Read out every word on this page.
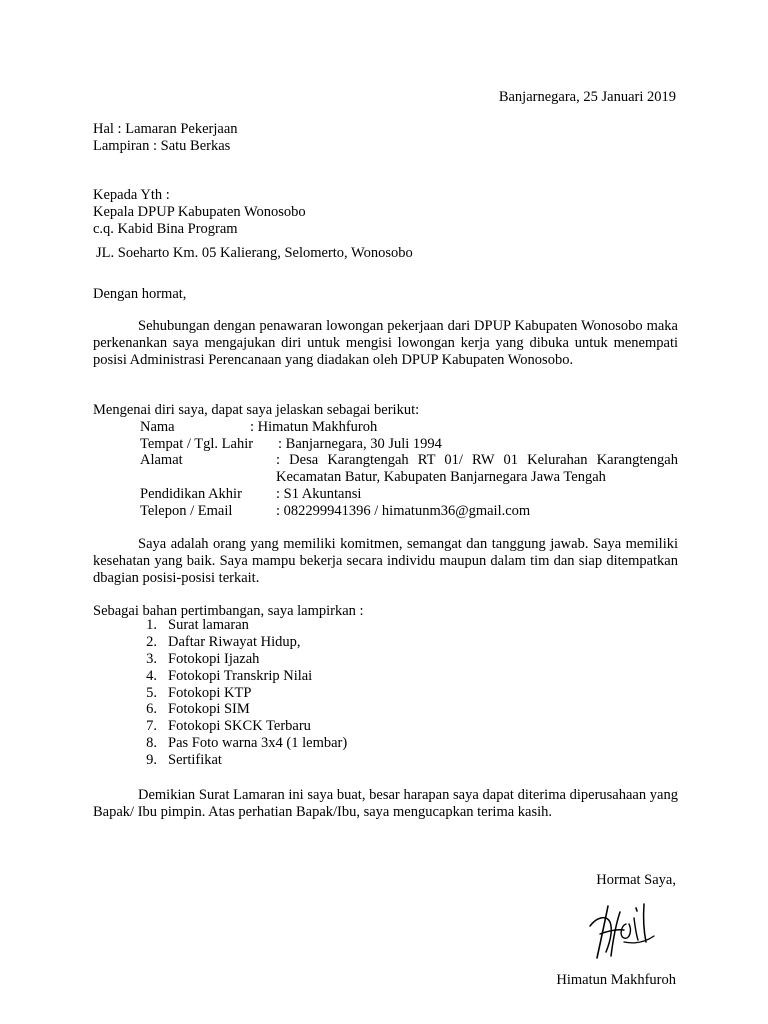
Banjarnegara, 25 Januari 2019
Hal : Lamaran Pekerjaan
Lampiran : Satu Berkas
Kepada Yth :
Kepala DPUP Kabupaten Wonosobo
c.q. Kabid Bina Program
JL. Soeharto Km. 05 Kalierang, Selomerto, Wonosobo
Dengan hormat,
Sehubungan dengan penawaran lowongan pekerjaan dari DPUP Kabupaten Wonosobo maka perkenankan saya mengajukan diri untuk mengisi lowongan kerja yang dibuka untuk menempati posisi Administrasi Perencanaan yang diadakan oleh DPUP Kabupaten Wonosobo.
Mengenai diri saya, dapat saya jelaskan sebagai berikut:
Nama	: Himatun Makhfuroh
Tempat / Tgl. Lahir : Banjarnegara, 30 Juli 1994
Alamat	: Desa Karangtengah RT 01/ RW 01 Kelurahan Karangtengah Kecamatan Batur, Kabupaten Banjarnegara Jawa Tengah
Pendidikan Akhir : S1 Akuntansi
Telepon / Email	: 082299941396 / himatunm36@gmail.com
Saya adalah orang yang memiliki komitmen, semangat dan tanggung jawab. Saya memiliki kesehatan yang baik. Saya mampu bekerja secara individu maupun dalam tim dan siap ditempatkan dbagian posisi-posisi terkait.
Sebagai bahan pertimbangan, saya lampirkan :
1. Surat lamaran
2. Daftar Riwayat Hidup,
3. Fotokopi Ijazah
4. Fotokopi Transkrip Nilai
5. Fotokopi KTP
6. Fotokopi SIM
7. Fotokopi SKCK Terbaru
8. Pas Foto warna 3x4 (1 lembar)
9. Sertifikat
Demikian Surat Lamaran ini saya buat, besar harapan saya dapat diterima diperusahaan yang Bapak/ Ibu pimpin. Atas perhatian Bapak/Ibu, saya mengucapkan terima kasih.
Hormat Saya,
Himatun
Himatun Makhfuroh
